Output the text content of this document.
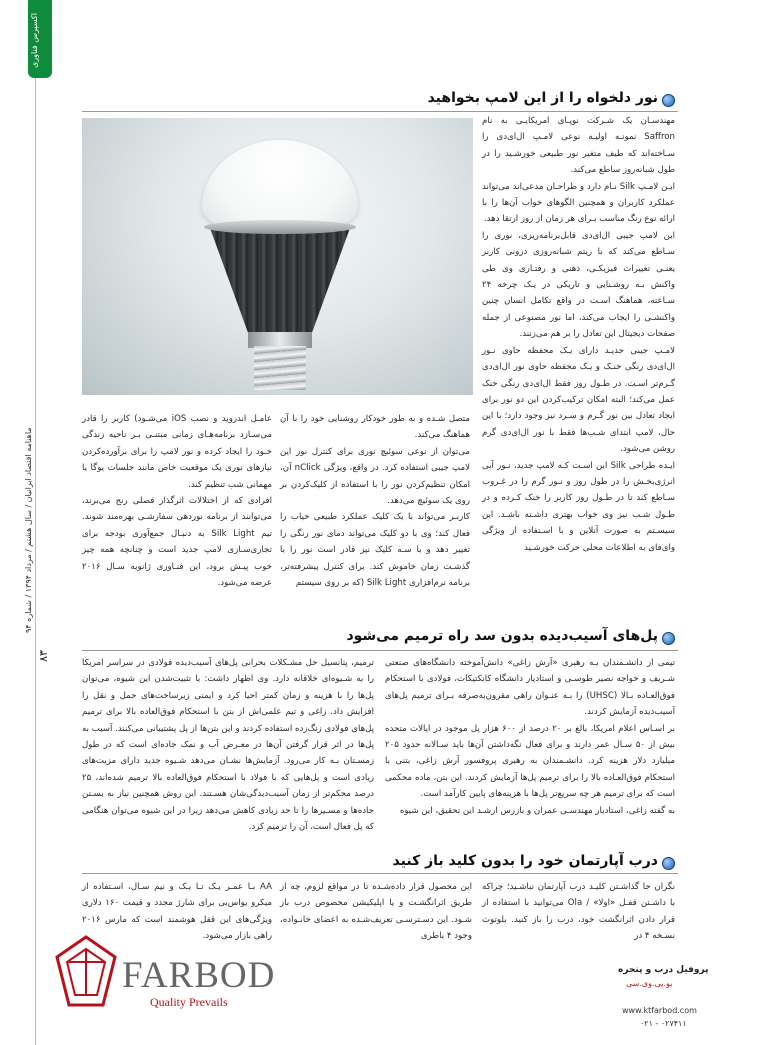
اکسپرس فناوری
ماهنامه اقتصاد ایرانیان / سال هشتم / مرداد ۱۳۹۴ / شماره ۹۴
۸۳
نور دلخواه را از این لامپ بخواهید
مهندسـان یک شـرکت نوپـای امریکایـی به نام Saffron نمونـه اولیـه نوعی لامـپ ال‌ای‌دی را سـاخته‌اند که طیف متغیر نور طبیعی خورشـید را در طول شبانه‌روز ساطع می‌کند.
ایـن لامـپ Silk نـام دارد و طراحـان مدعی‌اند می‌تواند عملکرد کاربران و همچنین الگوهای خواب آن‌ها را با ارائه نوع رنگ مناسب بـرای هر زمان از روز ارتقا دهد.
این لامپ جیبی ال‌ای‌دی قابل‌برنامه‌ریزی، نوری را سـاطع می‌کند که با ریتم شبانه‌روزی درونی کاربر یعنـی تغییرات فیزیکـی، ذهنی و رفتـاری وی طی واکنش بـه روشـنایی و تاریکی در یـک چرخه ۲۴ سـاعته، هماهنگ اسـت در واقع تکامل انسان چنین واکنشـی را ایجاب می‌کند، اما نور مصنوعی از جمله صفحات دیجیتال این تعادل را بر هم می‌زنند.
لامـپ جیبی جدیـد دارای یـک محفظه حاوی نـور ال‌ای‌دی رنگی خنـک و یـک محفظه حاوی نور ال‌ای‌دی گـرم‌تر اسـت. در طـول روز فقط ال‌ای‌دی رنگی خنک عمل می‌کند؛ البته امکان ترکیب‌کردن این دو نور برای ایجاد تعادل بین نور گـرم و سـرد نیز وجود دارد؛ با این حال، لامپ ابتدای شـب‌ها فقط با نور ال‌ای‌دی گرم روشن می‌شود.
ایـده طراحی Silk این اسـت کـه لامپ جدید، نـور آبی انرژی‌بخـش را در طول روز و نـور گرم را در غـروب سـاطع کند تا در طـول روز کاربر را خنک کـرده و در طـول شـب نیز وی خواب بهتری داشـته باشـد. این سیسـتم به صورت آنلاین و با اسـتفاده از ویژگی وای‌فای به اطلاعات محلی حرکت خورشـید
متصل شـده و به طور خودکار روشنایی خود را با آن هماهنگ می‌کند.
می‌توان از نوعی سوئیچ نوری برای کنترل نور این لامپ جیبی استفاده کرد. در واقع، ویژگی nClick آن، امکان تنظیم‌کردن نور را با استفاده از کلیک‌کردن بر روی یک سوئیچ می‌دهد.
کاربـر می‌تواند با یک کلیک عملکرد طبیعی خیاب را فعال کند؛ وی با دو کلیک می‌تواند دمای نور رنگی را تغییر دهد و با سـه کلیک نیز قادر است نور را با گذشـت زمان خاموش کند. برای کنترل پیشرفته‌تر، برنامه نرم‌افزاری Silk Light (که بر روی سیستم
عامـل اندروید و نصب iOS می‌شـود) کاربر را قادر می‌سـازد برنامه‌هـای زمانی مبتنـی بـر ناحیه زندگی خـود را ایجاد کرده و نور لامپ را برای برآورده‌کردن نیازهای نوری یک موقعیت خاص مانند جلسات یوگا یا مهمانی شب تنظیم کند.
افرادی که از اختلالات اثرگذار فصلی رنج می‌برند، می‌توانند از برنامه نوردهی سفارشـی بهره‌مند شوند. تیم Silk Light به دنبـال جمع‌آوری بودجه برای تجاری‌سـازی لامپ جدید است و چنانچه همه چیز خوب پیـش برود، این فنـاوری ژانویه سـال ۲۰۱۶ عرضه می‌شود.
پل‌های آسیب‌دیده بدون سد راه ترمیم می‌شود
تیمی از دانشـمندان بـه رهبری «آرش زاغی» دانش‌آموخته دانشگاه‌های صنعتی شـریف و خواجه نصیر طوسـی و استادیار دانشگاه کانکتیکات، فولادی با استحکام فوق‌العـاده بـالا (UHSC) را بـه عنـوان راهی مقرون‌به‌صرفه بـرای ترمیم پل‌های آسیب‌دیده آزمایش کردند.
بر اسـاس اعلام امریکا، بالغ بر ۲۰ درصد از ۶۰۰ هزار پل موجود در ایالات متحده بیش از ۵۰ سـال عمر دارند و برای فعال نگه‌داشتن آن‌ها باید سـالانه حدود ۲۰۵ میلیارد دلار هزینه کرد. دانشـمندان به رهبری پروفسور آرش زاغی، بتنی با استحکام فوق‌العـاده بالا را برای ترمیم پل‌ها آزمایش کردند. این بتن، ماده محکمی است که برای ترمیم هر چه سریع‌تر پل‌ها با هزینه‌های پایین کارآمد است.
به گفته زاغی، استادیار مهندسـی عمران و بازرس ارشـد این تحقیق، این شیوه
ترمیم، پتانسیل حل مشـکلات بحرانی پل‌های آسیب‌دیده فولادی در سراسر امریکا را به شـیوه‌ای خلاقانه دارد. وی اظهار داشت: با تثبیت‌شدن این شیوه، می‌توان پل‌ها را با هزینه و زمان کمتر احیا کرد و ایمنی زیرساخت‌های حمل و نقل را افزایش داد. زاغی و تیم علمی‌اش از بتن با استحکام فوق‌العاده بالا برای ترمیم پل‌های فولادی زنگ‌زده استفاده کردند و این بتن‌ها از پل پشتیبانی می‌کنند. آسیب به پل‌ها در اثر قرار گرفتن آن‌ها در معـرض آب و نمک جاده‌ای است که در طول زمسـتان بـه کار می‌رود. آزمایش‌ها نشـان می‌دهد شـیوه جدید دارای مزیت‌های زیادی است و پل‌هایی که با فولاد با استحکام فوق‌العاده بالا ترمیم شده‌اند، ۲۵ درصد محکم‌تر از زمان آسیب‌دیدگی‌شان هسـتند. این روش همچنین نیاز به بسـتن جاده‌ها و مسـیرها را تا حد زیادی کاهش می‌دهد زیرا در این شیوه می‌توان هنگامی که پل فعال است، آن را ترمیم کرد.
درب آپارتمان خود را بدون کلید باز کنید
نگران جا گذاشـتن کلیـد درب آپارتمان نباشـید؛ چراکه با داشـتن قفـل «اولا» / Ola می‌توانید با استفاده از قرار دادن اثرانگشت خود، درب را باز کنید. بلوتوث نسـخه ۴ در
این محصول قرار داده‌شـده تا در مواقع لزوم، چه از طریق اثرانگشـت و یا اپلیکیشن مخصوص درب باز شـود. این دسـترسـی تعریف‌شـده به اعضای خانـواده، وجود ۴ باطری
AA بـا عمـر یـک تـا یـک و نیم سـال، اسـتفاده از میکرو یواس‌بی برای شارژ مجدد و قیمت ۱۶۰ دلاری ویژگی‌های این قفل هوشمند است که مارس ۲۰۱۶ راهی بازار می‌شود.
FARBOD
Quality Prevails
پروفیل درب و پنجره
یو.پی.وی.سی
www.ktfarbod.com
۰۲۱ - ۰۲۷۴۱۱
